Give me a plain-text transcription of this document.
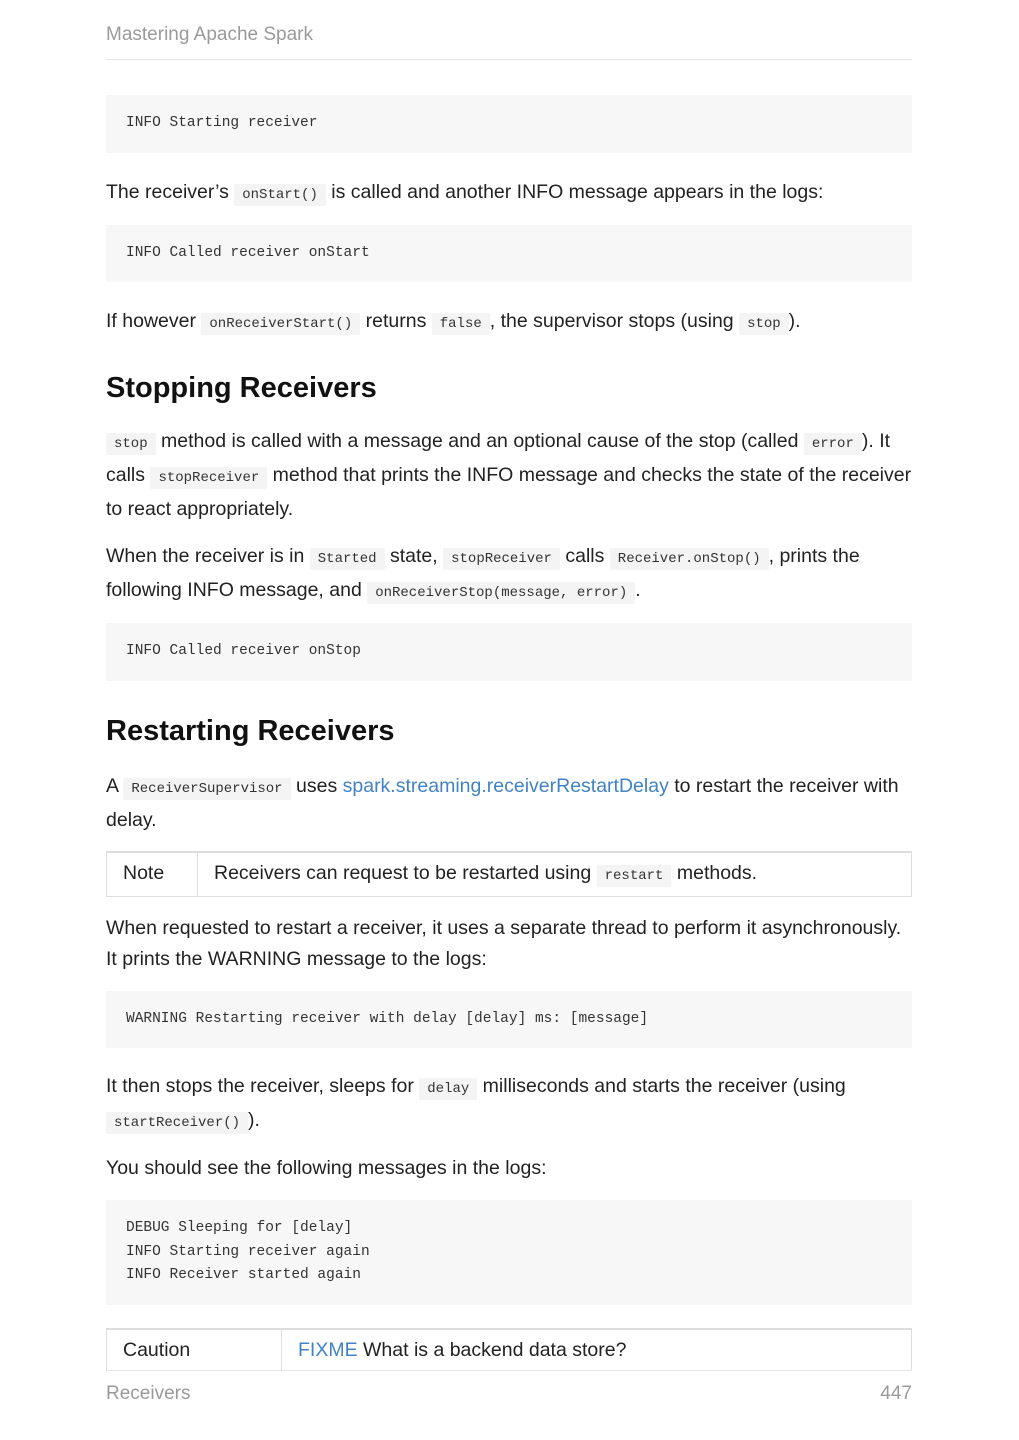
Mastering Apache Spark
INFO Starting receiver

The receiver’s onStart() is called and another INFO message appears in the logs:

INFO Called receiver onStart

If however onReceiverStart() returns false , the supervisor stops (using stop ).

Stopping Receivers

stop method is called with a message and an optional cause of the stop (called error ). It calls stopReceiver method that prints the INFO message and checks the state of the receiver to react appropriately.

When the receiver is in Started state, stopReceiver calls Receiver.onStop() , prints the following INFO message, and onReceiverStop(message, error) .

INFO Called receiver onStop
Restarting Receivers

A ReceiverSupervisor uses spark.streaming.receiverRestartDelay to restart the receiver with delay.

Note	Receivers can request to be restarted using restart methods.

When requested to restart a receiver, it uses a separate thread to perform it asynchronously. It prints the WARNING message to the logs:

WARNING Restarting receiver with delay [delay] ms: [message]

It then stops the receiver, sleeps for delay milliseconds and starts the receiver (using startReceiver() ).

You should see the following messages in the logs:

DEBUG Sleeping for [delay]
INFO Starting receiver again
INFO Receiver started again
Caution	FIXME What is a backend data store?
Receivers	447
